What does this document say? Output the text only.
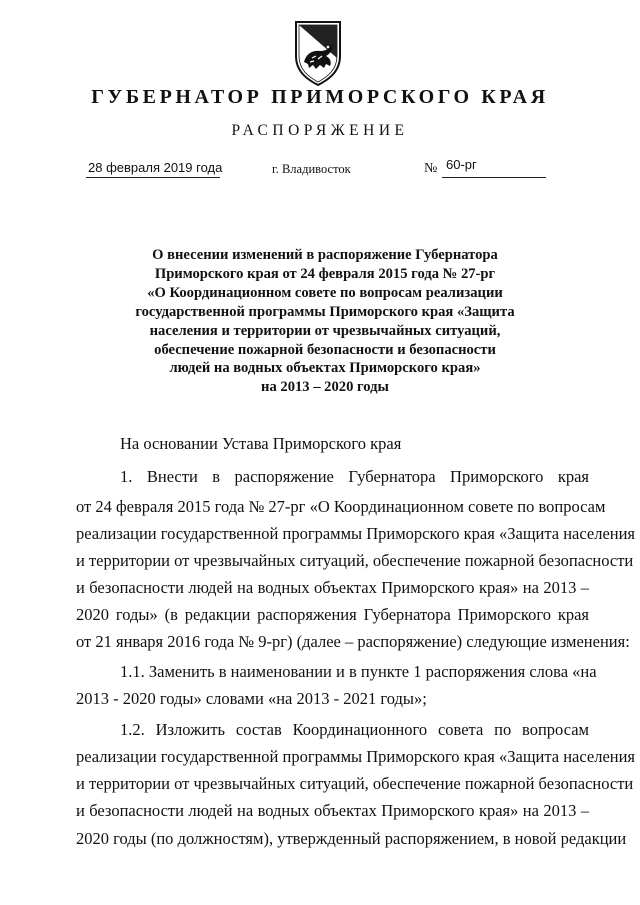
ГУБЕРНАТОР ПРИМОРСКОГО КРАЯ
РАСПОРЯЖЕНИЕ
28 февраля 2019 года	г. Владивосток	№ 60-рг
О внесении изменений в распоряжение Губернатора
Приморского края от 24 февраля 2015 года № 27-рг
«О Координационном совете по вопросам реализации
государственной программы Приморского края «Защита
населения и территории от чрезвычайных ситуаций,
обеспечение пожарной безопасности и безопасности
людей на водных объектах Приморского края»
на 2013 – 2020 годы
На основании Устава Приморского края
1. Внести в распоряжение Губернатора Приморского края
от 24 февраля 2015 года № 27-рг «О Координационном совете по вопросам
реализации государственной программы Приморского края «Защита населения
и территории от чрезвычайных ситуаций, обеспечение пожарной безопасности
и безопасности людей на водных объектах Приморского края» на 2013 –
2020 годы» (в редакции распоряжения Губернатора Приморского края
от 21 января 2016 года № 9-рг) (далее – распоряжение) следующие изменения:
1.1. Заменить в наименовании и в пункте 1 распоряжения слова «на
2013 - 2020 годы» словами «на 2013 - 2021 годы»;
1.2. Изложить состав Координационного совета по вопросам
реализации государственной программы Приморского края «Защита населения
и территории от чрезвычайных ситуаций, обеспечение пожарной безопасности
и безопасности людей на водных объектах Приморского края» на 2013 –
2020 годы (по должностям), утвержденный распоряжением, в новой редакции
